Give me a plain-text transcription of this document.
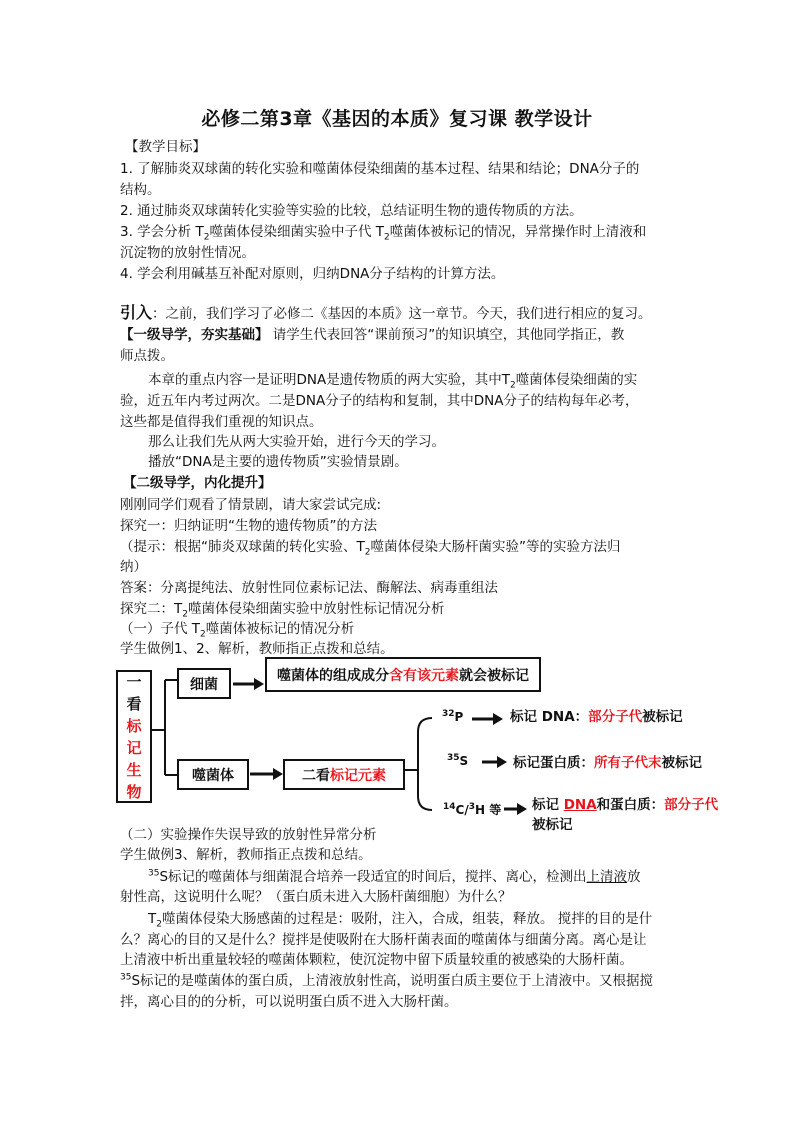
必修二第3章《基因的本质》复习课 教学设计
【教学目标】
1. 了解肺炎双球菌的转化实验和噬菌体侵染细菌的基本过程、结果和结论；DNA分子的
结构。
2. 通过肺炎双球菌转化实验等实验的比较，总结证明生物的遗传物质的方法。
3. 学会分析 $T_2$噬菌体侵染细菌实验中子代 $T_2$噬菌体被标记的情况，异常操作时上清液和
沉淀物的放射性情况。
4. 学会利用碱基互补配对原则，归纳DNA分子结构的计算方法。
引入：之前，我们学习了必修二《基因的本质》这一章节。今天，我们进行相应的复习。
【一级导学，夯实基础】 请学生代表回答“课前预习”的知识填空，其他同学指正，教
师点拨。
本章的重点内容一是证明DNA是遗传物质的两大实验，其中$T_2$噬菌体侵染细菌的实
验，近五年内考过两次。二是DNA分子的结构和复制，其中DNA分子的结构每年必考，
这些都是值得我们重视的知识点。
那么让我们先从两大实验开始，进行今天的学习。
播放“DNA是主要的遗传物质”实验情景剧。
【二级导学，内化提升】
刚刚同学们观看了情景剧，请大家尝试完成:
探究一：归纳证明“生物的遗传物质”的方法
（提示：根据“肺炎双球菌的转化实验、$T_2$噬菌体侵染大肠杆菌实验”等的实验方法归
纳）
答案：分离提纯法、放射性同位素标记法、酶解法、病毒重组法
探究二：$T_2$噬菌体侵染细菌实验中放射性标记情况分析
（一）子代 $T_2$噬菌体被标记的情况分析
学生做例1、2、解析，教师指正点拨和总结。
一
看
标
记
生
物
细菌
噬菌体
噬菌体的组成成分 含有该元素 就会被标记
二看 标记元素
$^{32}$P
$^{35}$S
$^{14}$C/$^3$H 等
标记 DNA：部分子代被标记
标记蛋白质：所有子代末被标记
标记 DNA和蛋白质：部分子代
被标记
（二）实验操作失误导致的放射性异常分析
学生做例3、解析，教师指正点拨和总结。
$^{35}$S标记的噬菌体与细菌混合培养一段适宜的时间后，搅拌、离心，检测出上清液放
射性高，这说明什么呢？（蛋白质未进入大肠杆菌细胞）为什么？
$T_2$噬菌体侵染大肠感菌的过程是：吸附，注入，合成，组装，释放。 搅拌的目的是什
么？离心的目的又是什么？搅拌是使吸附在大肠杆菌表面的噬菌体与细菌分离。离心是让
上清液中析出重量较轻的噬菌体颗粒，使沉淀物中留下质量较重的被感染的大肠杆菌。
$^{35}$S标记的是噬菌体的蛋白质，上清液放射性高，说明蛋白质主要位于上清液中。又根据搅
拌，离心目的的分析，可以说明蛋白质不进入大肠杆菌。
